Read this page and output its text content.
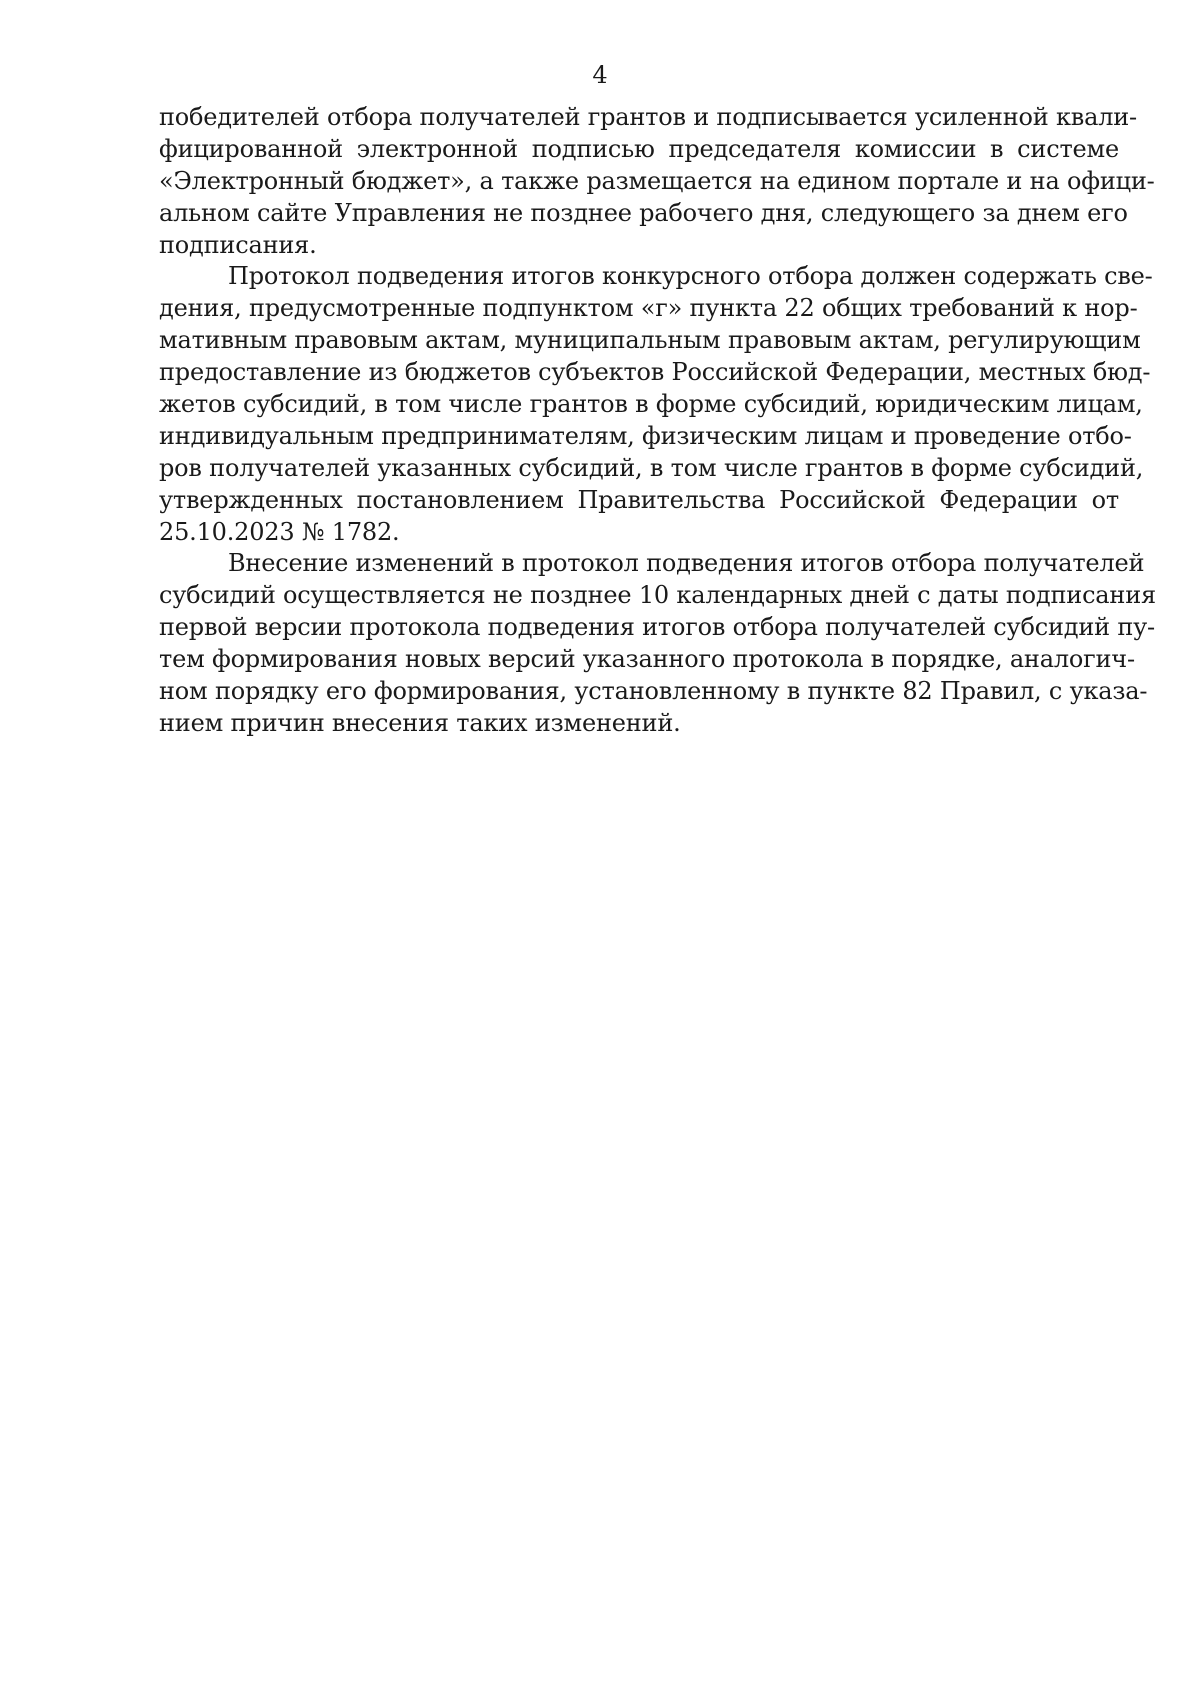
4
победителей отбора получателей грантов и подписывается усиленной квали-
фицированной электронной подписью председателя комиссии в системе
«Электронный бюджет», а также размещается на едином портале и на офици-
альном сайте Управления не позднее рабочего дня, следующего за днем его
подписания.
Протокол подведения итогов конкурсного отбора должен содержать све-
дения, предусмотренные подпунктом «г» пункта 22 общих требований к нор-
мативным правовым актам, муниципальным правовым актам, регулирующим
предоставление из бюджетов субъектов Российской Федерации, местных бюд-
жетов субсидий, в том числе грантов в форме субсидий, юридическим лицам,
индивидуальным предпринимателям, физическим лицам и проведение отбо-
ров получателей указанных субсидий, в том числе грантов в форме субсидий,
утвержденных постановлением Правительства Российской Федерации от
25.10.2023 № 1782.
Внесение изменений в протокол подведения итогов отбора получателей
субсидий осуществляется не позднее 10 календарных дней с даты подписания
первой версии протокола подведения итогов отбора получателей субсидий пу-
тем формирования новых версий указанного протокола в порядке, аналогич-
ном порядку его формирования, установленному в пункте 82 Правил, с указа-
нием причин внесения таких изменений.
